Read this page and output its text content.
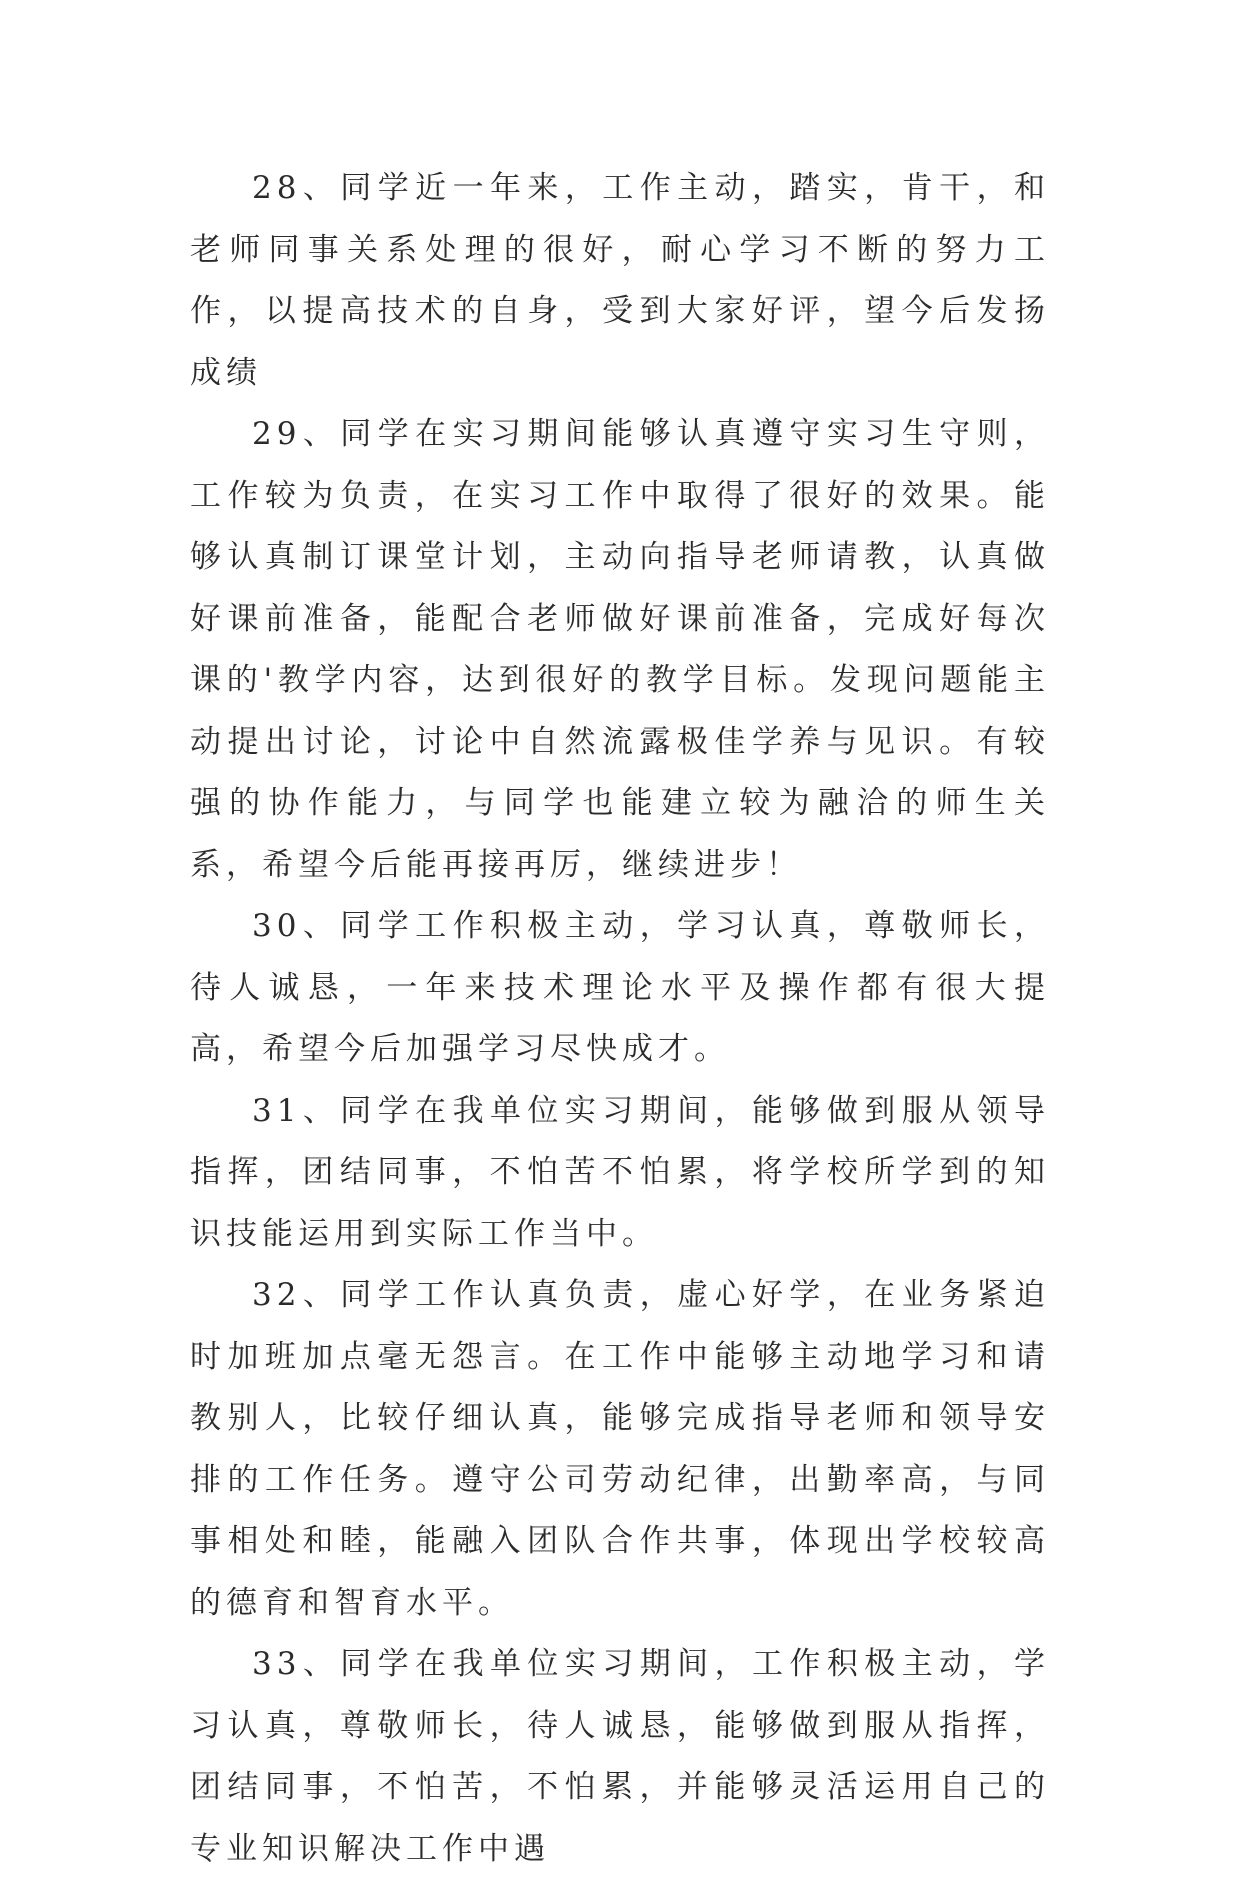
28、同学近一年来，工作主动，踏实，肯干，和老师同事关系处理的很好，耐心学习不断的努力工作，以提高技术的自身，受到大家好评，望今后发扬成绩

29、同学在实习期间能够认真遵守实习生守则，工作较为负责，在实习工作中取得了很好的效果。能够认真制订课堂计划，主动向指导老师请教，认真做好课前准备，能配合老师做好课前准备，完成好每次课的'教学内容，达到很好的教学目标。发现问题能主动提出讨论，讨论中自然流露极佳学养与见识。有较强的协作能力，与同学也能建立较为融洽的师生关系，希望今后能再接再厉，继续进步！

30、同学工作积极主动，学习认真，尊敬师长，待人诚恳，一年来技术理论水平及操作都有很大提高，希望今后加强学习尽快成才。

31、同学在我单位实习期间，能够做到服从领导指挥，团结同事，不怕苦不怕累，将学校所学到的知识技能运用到实际工作当中。

32、同学工作认真负责，虚心好学，在业务紧迫时加班加点毫无怨言。在工作中能够主动地学习和请教别人，比较仔细认真，能够完成指导老师和领导安排的工作任务。遵守公司劳动纪律，出勤率高，与同事相处和睦，能融入团队合作共事，体现出学校较高的德育和智育水平。

33、同学在我单位实习期间，工作积极主动，学习认真，尊敬师长，待人诚恳，能够做到服从指挥，团结同事，不怕苦，不怕累，并能够灵活运用自己的专业知识解决工作中遇
